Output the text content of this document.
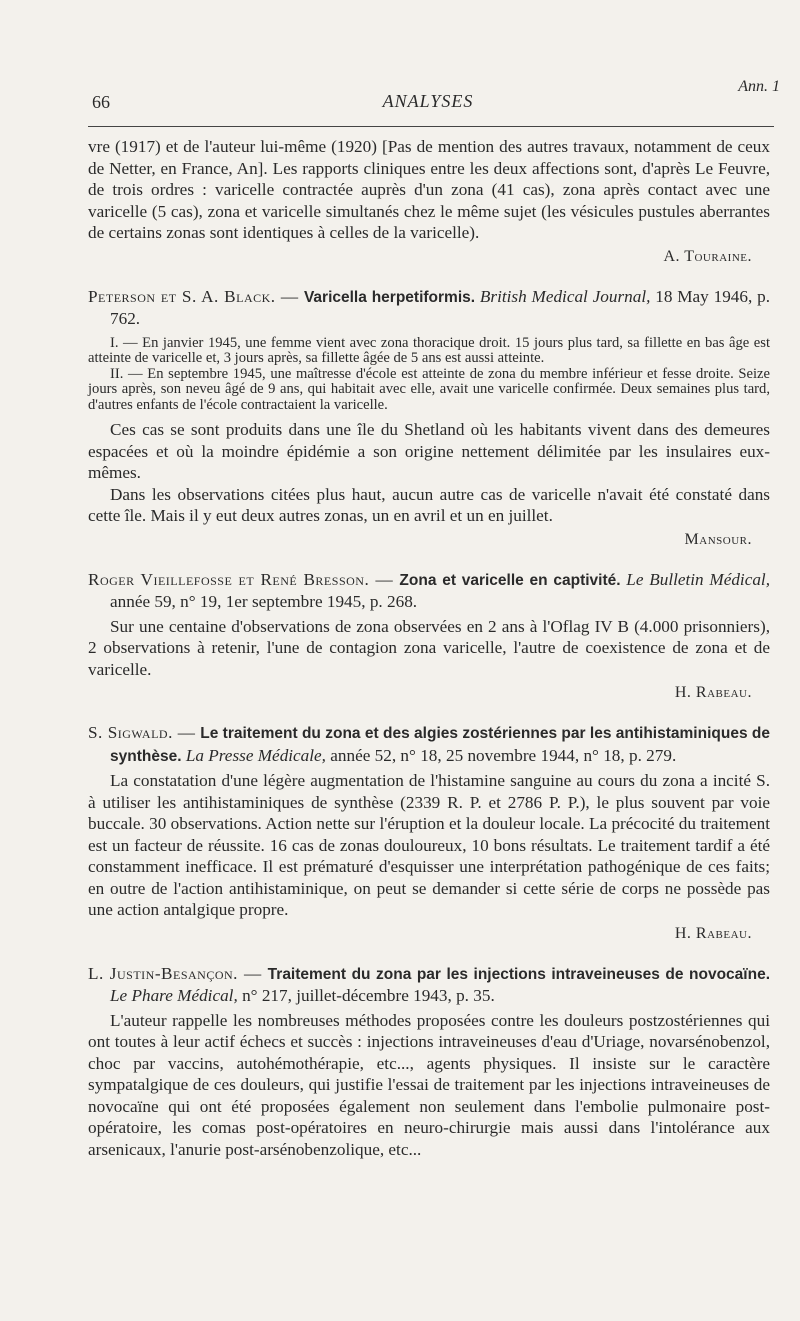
66	ANALYSES
Ann. 1

vre (1917) et de l'auteur lui-même (1920) [Pas de mention des autres travaux, notamment de ceux de Netter, en France, An]. Les rapports cliniques entre les deux affections sont, d'après Le Feuvre, de trois ordres : varicelle contractée auprès d'un zona (41 cas), zona après contact avec une varicelle (5 cas), zona et varicelle simultanés chez le même sujet (les vésicules pustules aberrantes de certains zonas sont identiques à celles de la varicelle).

A. Touraine.

Peterson et S. A. Black. — Varicella herpetiformis. British Medical Journal, 18 May 1946, p. 762.

I. — En janvier 1945, une femme vient avec zona thoracique droit. 15 jours plus tard, sa fillette en bas âge est atteinte de varicelle et, 3 jours après, sa fillette âgée de 5 ans est aussi atteinte.

II. — En septembre 1945, une maîtresse d'école est atteinte de zona du membre inférieur et fesse droite. Seize jours après, son neveu âgé de 9 ans, qui habitait avec elle, avait une varicelle confirmée. Deux semaines plus tard, d'autres enfants de l'école contractaient la varicelle.

Ces cas se sont produits dans une île du Shetland où les habitants vivent dans des demeures espacées et où la moindre épidémie a son origine nettement délimitée par les insulaires eux-mêmes.

Dans les observations citées plus haut, aucun autre cas de varicelle n'avait été constaté dans cette île. Mais il y eut deux autres zonas, un en avril et un en juillet.

Mansour.

Roger Vieillefosse et René Bresson. — Zona et varicelle en captivité. Le Bulletin Médical, année 59, n° 19, 1er septembre 1945, p. 268.

Sur une centaine d'observations de zona observées en 2 ans à l'Oflag IV B (4.000 prisonniers), 2 observations à retenir, l'une de contagion zona varicelle, l'autre de coexistence de zona et de varicelle.

H. Rabeau.

S. Sigwald. — Le traitement du zona et des algies zostériennes par les antihistaminiques de synthèse. La Presse Médicale, année 52, n° 18, 25 novembre 1944, n° 18, p. 279.

La constatation d'une légère augmentation de l'histamine sanguine au cours du zona a incité S. à utiliser les antihistaminiques de synthèse (2339 R. P. et 2786 P. P.), le plus souvent par voie buccale. 30 observations. Action nette sur l'éruption et la douleur locale. La précocité du traitement est un facteur de réussite. 16 cas de zonas douloureux, 10 bons résultats. Le traitement tardif a été constamment inefficace. Il est prématuré d'esquisser une interprétation pathogénique de ces faits; en outre de l'action antihistaminique, on peut se demander si cette série de corps ne possède pas une action antalgique propre.

H. Rabeau.

L. Justin-Besançon. — Traitement du zona par les injections intraveineuses de novocaïne. Le Phare Médical, n° 217, juillet-décembre 1943, p. 35.

L'auteur rappelle les nombreuses méthodes proposées contre les douleurs postzostériennes qui ont toutes à leur actif échecs et succès : injections intraveineuses d'eau d'Uriage, novarsénobenzol, choc par vaccins, autohémothérapie, etc..., agents physiques. Il insiste sur le caractère sympatalgique de ces douleurs, qui justifie l'essai de traitement par les injections intraveineuses de novocaïne qui ont été proposées également non seulement dans l'embolie pulmonaire post-opératoire, les comas post-opératoires en neuro-chirurgie mais aussi dans l'intolérance aux arsenicaux, l'anurie post-arsénobenzolique, etc...
